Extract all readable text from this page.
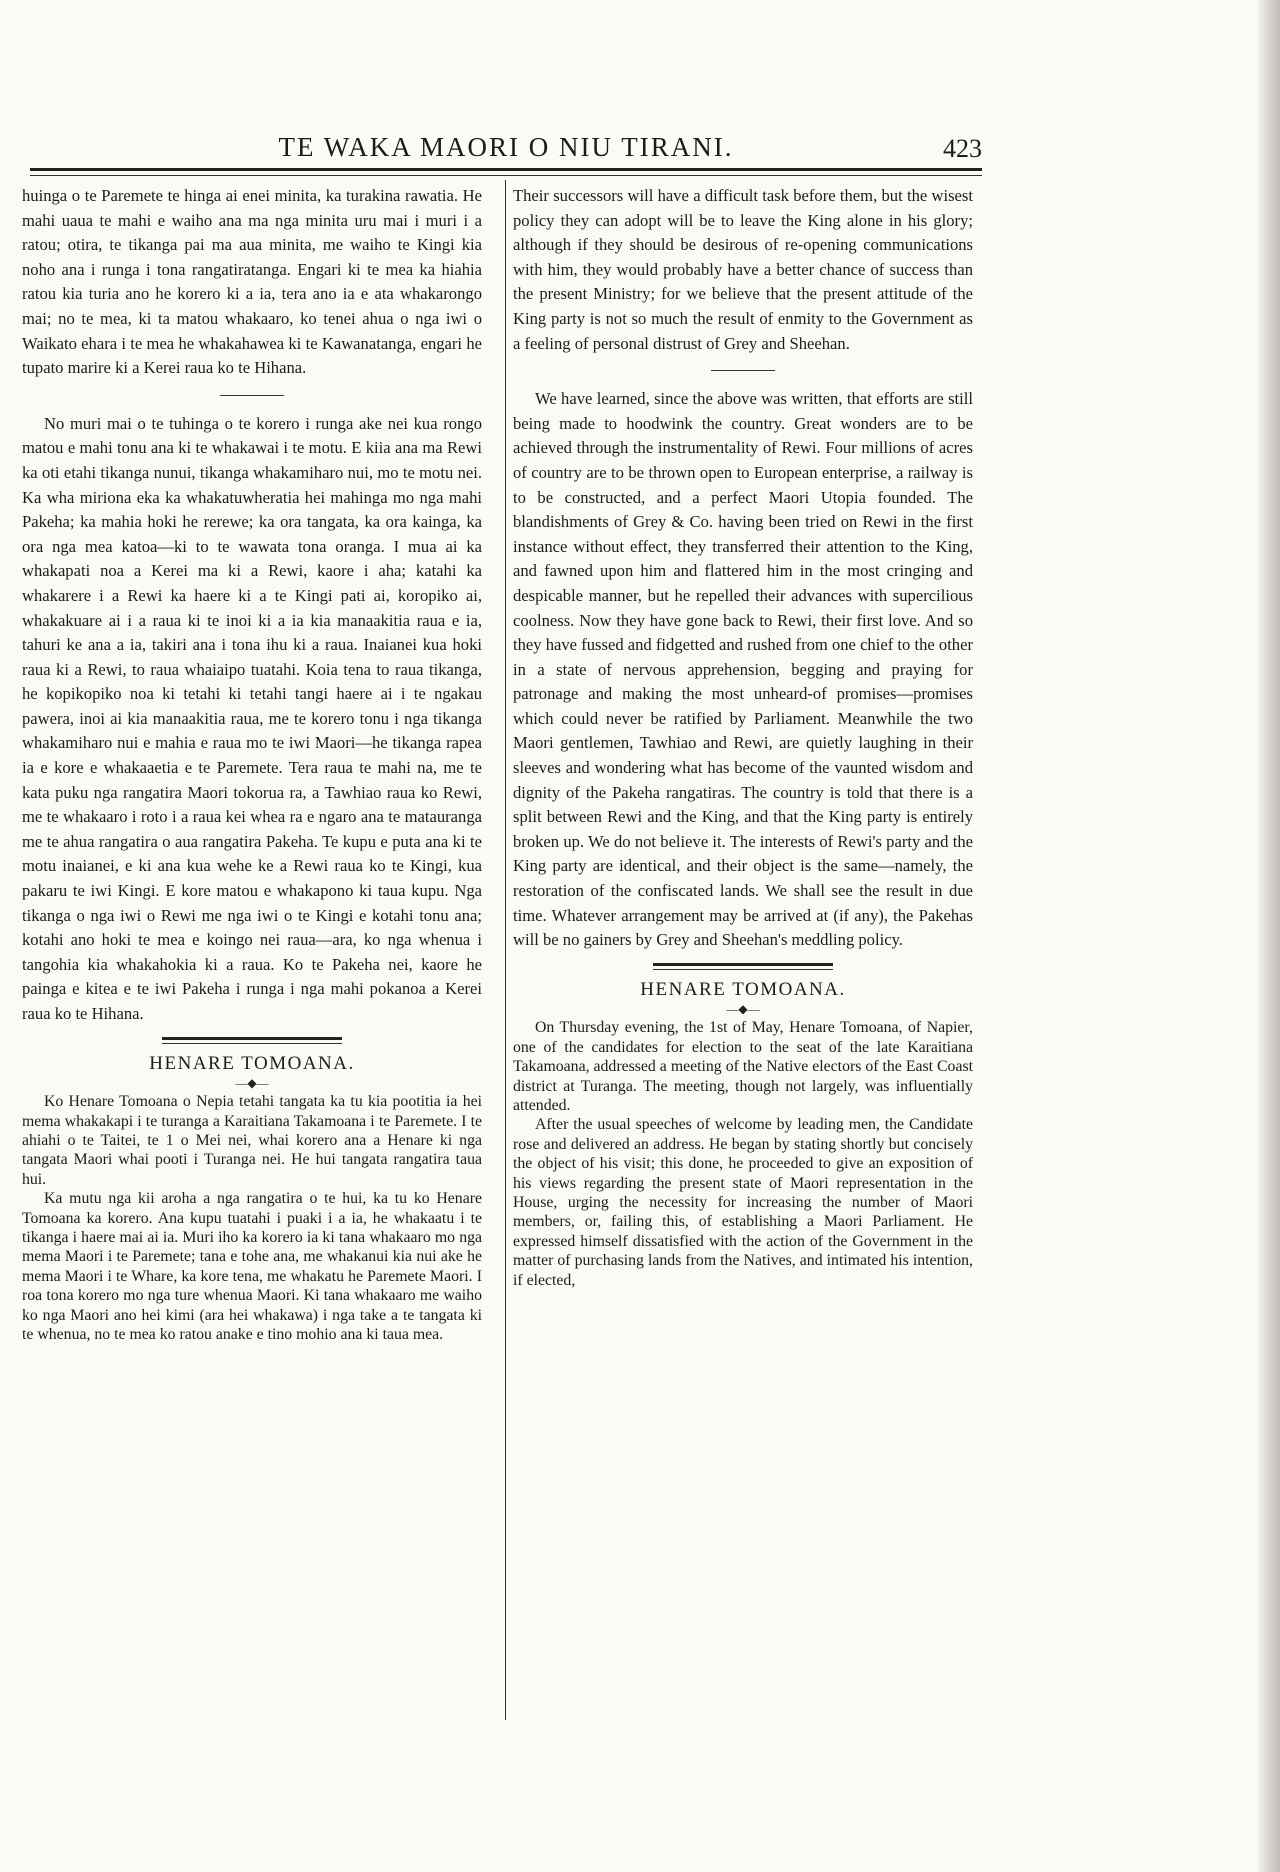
TE WAKA MAORI O NIU TIRANI.	423

huinga o te Paremete te hinga ai enei minita, ka turakina rawatia. He mahi uaua te mahi e waiho ana ma nga minita uru mai i muri i a ratou; otira, te tikanga pai ma aua minita, me waiho te Kingi kia noho ana i runga i tona rangatiratanga. Engari ki te mea ka hiahia ratou kia turia ano he korero ki a ia, tera ano ia e ata whakarongo mai; no te mea, ki ta matou whakaaro, ko tenei ahua o nga iwi o Waikato ehara i te mea he whakahawea ki te Kawanatanga, engari he tupato marire ki a Kerei raua ko te Hihana.

No muri mai o te tuhinga o te korero i runga ake nei kua rongo matou e mahi tonu ana ki te whakawai i te motu. E kiia ana ma Rewi ka oti etahi tikanga nunui, tikanga whakamiharo nui, mo te motu nei. Ka wha miriona eka ka whakatuwheratia hei mahinga mo nga mahi Pakeha; ka mahia hoki he rerewe; ka ora tangata, ka ora kainga, ka ora nga mea katoa—ki to te wawata tona oranga. I mua ai ka whakapati noa a Kerei ma ki a Rewi, kaore i aha; katahi ka whakarere i a Rewi ka haere ki a te Kingi pati ai, koropiko ai, whakakuare ai i a raua ki te inoi ki a ia kia manaakitia raua e ia, tahuri ke ana a ia, takiri ana i tona ihu ki a raua. Inaianei kua hoki raua ki a Rewi, to raua whaiaipo tuatahi. Koia tena to raua tikanga, he kopikopiko noa ki tetahi ki tetahi tangi haere ai i te ngakau pawera, inoi ai kia manaakitia raua, me te korero tonu i nga tikanga whakamiharo nui e mahia e raua mo te iwi Maori—he tikanga rapea ia e kore e whakaaetia e te Paremete. Tera raua te mahi na, me te kata puku nga rangatira Maori tokorua ra, a Tawhiao raua ko Rewi, me te whakaaro i roto i a raua kei whea ra e ngaro ana te matauranga me te ahua rangatira o aua rangatira Pakeha. Te kupu e puta ana ki te motu inaianei, e ki ana kua wehe ke a Rewi raua ko te Kingi, kua pakaru te iwi Kingi. E kore matou e whakapono ki taua kupu. Nga tikanga o nga iwi o Rewi me nga iwi o te Kingi e kotahi tonu ana; kotahi ano hoki te mea e koingo nei raua—ara, ko nga whenua i tangohia kia whakahokia ki a raua. Ko te Pakeha nei, kaore he painga e kitea e te iwi Pakeha i runga i nga mahi pokanoa a Kerei raua ko te Hihana.

HENARE TOMOANA.
—◆—

Ko Henare Tomoana o Nepia tetahi tangata ka tu kia pootitia ia hei mema whakakapi i te turanga a Karaitiana Takamoana i te Paremete. I te ahiahi o te Taitei, te 1 o Mei nei, whai korero ana a Henare ki nga tangata Maori whai pooti i Turanga nei. He hui tangata rangatira taua hui.

Ka mutu nga kii aroha a nga rangatira o te hui, ka tu ko Henare Tomoana ka korero. Ana kupu tuatahi i puaki i a ia, he whakaatu i te tikanga i haere mai ai ia. Muri iho ka korero ia ki tana whakaaro mo nga mema Maori i te Paremete; tana e tohe ana, me whakanui kia nui ake he mema Maori i te Whare, ka kore tena, me whakatu he Paremete Maori. I roa tona korero mo nga ture whenua Maori. Ki tana whakaaro me waiho ko nga Maori ano hei kimi (ara hei whakawa) i nga take a te tangata ki te whenua, no te mea ko ratou anake e tino mohio ana ki taua mea.

Their successors will have a difficult task before them, but the wisest policy they can adopt will be to leave the King alone in his glory; although if they should be desirous of re-opening communications with him, they would probably have a better chance of success than the present Ministry; for we believe that the present attitude of the King party is not so much the result of enmity to the Government as a feeling of personal distrust of Grey and Sheehan.

We have learned, since the above was written, that efforts are still being made to hoodwink the country. Great wonders are to be achieved through the instrumentality of Rewi. Four millions of acres of country are to be thrown open to European enterprise, a railway is to be constructed, and a perfect Maori Utopia founded. The blandishments of Grey & Co. having been tried on Rewi in the first instance without effect, they transferred their attention to the King, and fawned upon him and flattered him in the most cringing and despicable manner, but he repelled their advances with supercilious coolness. Now they have gone back to Rewi, their first love. And so they have fussed and fidgetted and rushed from one chief to the other in a state of nervous apprehension, begging and praying for patronage and making the most unheard-of promises—promises which could never be ratified by Parliament. Meanwhile the two Maori gentlemen, Tawhiao and Rewi, are quietly laughing in their sleeves and wondering what has become of the vaunted wisdom and dignity of the Pakeha rangatiras. The country is told that there is a split between Rewi and the King, and that the King party is entirely broken up. We do not believe it. The interests of Rewi's party and the King party are identical, and their object is the same—namely, the restoration of the confiscated lands. We shall see the result in due time. Whatever arrangement may be arrived at (if any), the Pakehas will be no gainers by Grey and Sheehan's meddling policy.

HENARE TOMOANA.
—◆—

On Thursday evening, the 1st of May, Henare Tomoana, of Napier, one of the candidates for election to the seat of the late Karaitiana Takamoana, addressed a meeting of the Native electors of the East Coast district at Turanga. The meeting, though not largely, was influentially attended.

After the usual speeches of welcome by leading men, the Candidate rose and delivered an address. He began by stating shortly but concisely the object of his visit; this done, he proceeded to give an exposition of his views regarding the present state of Maori representation in the House, urging the necessity for increasing the number of Maori members, or, failing this, of establishing a Maori Parliament. He expressed himself dissatisfied with the action of the Government in the matter of purchasing lands from the Natives, and intimated his intention, if elected,
